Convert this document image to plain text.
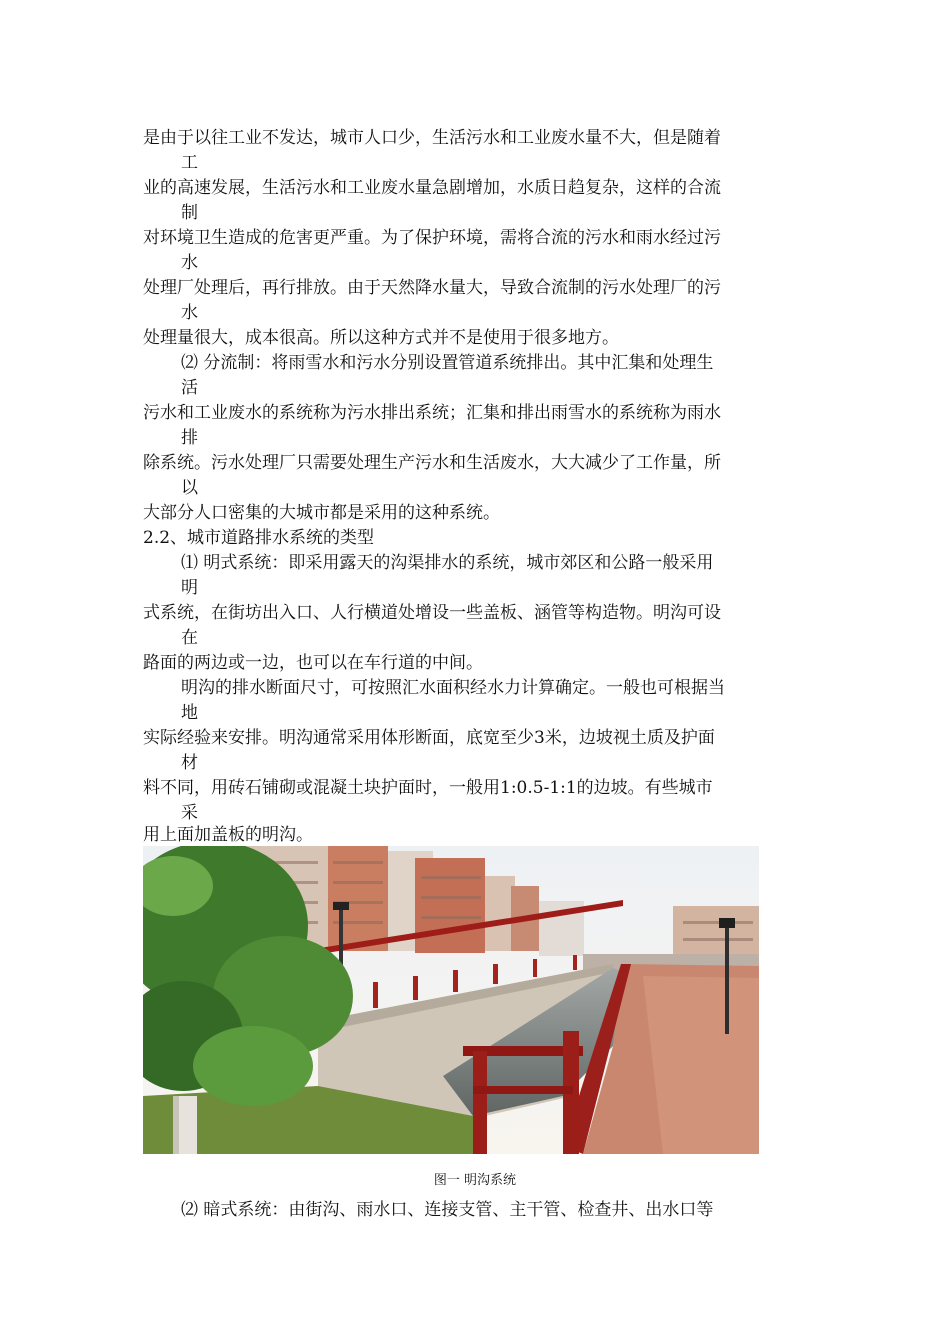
是由于以往工业不发达，城市人口少，生活污水和工业废水量不大，但是随着
工
业的高速发展，生活污水和工业废水量急剧增加，水质日趋复杂，这样的合流
制
对环境卫生造成的危害更严重。为了保护环境，需将合流的污水和雨水经过污
水
处理厂处理后，再行排放。由于天然降水量大，导致合流制的污水处理厂的污
水
处理量很大，成本很高。所以这种方式并不是使用于很多地方。
⑵ 分流制：将雨雪水和污水分别设置管道系统排出。其中汇集和处理生
活
污水和工业废水的系统称为污水排出系统；汇集和排出雨雪水的系统称为雨水
排
除系统。污水处理厂只需要处理生产污水和生活废水，大大减少了工作量，所
以
大部分人口密集的大城市都是采用的这种系统。
2.2、城市道路排水系统的类型
⑴ 明式系统：即采用露天的沟渠排水的系统，城市郊区和公路一般采用
明
式系统，在街坊出入口、人行横道处增设一些盖板、涵管等构造物。明沟可设
在
路面的两边或一边，也可以在车行道的中间。
明沟的排水断面尺寸，可按照汇水面积经水力计算确定。一般也可根据当
地
实际经验来安排。明沟通常采用体形断面，底宽至少3米，边坡视土质及护面
材
料不同，用砖石铺砌或混凝土块护面时，一般用1:0.5-1:1的边坡。有些城市
采
用上面加盖板的明沟。
图一 明沟系统
⑵ 暗式系统：由街沟、雨水口、连接支管、主干管、检查井、出水口等
